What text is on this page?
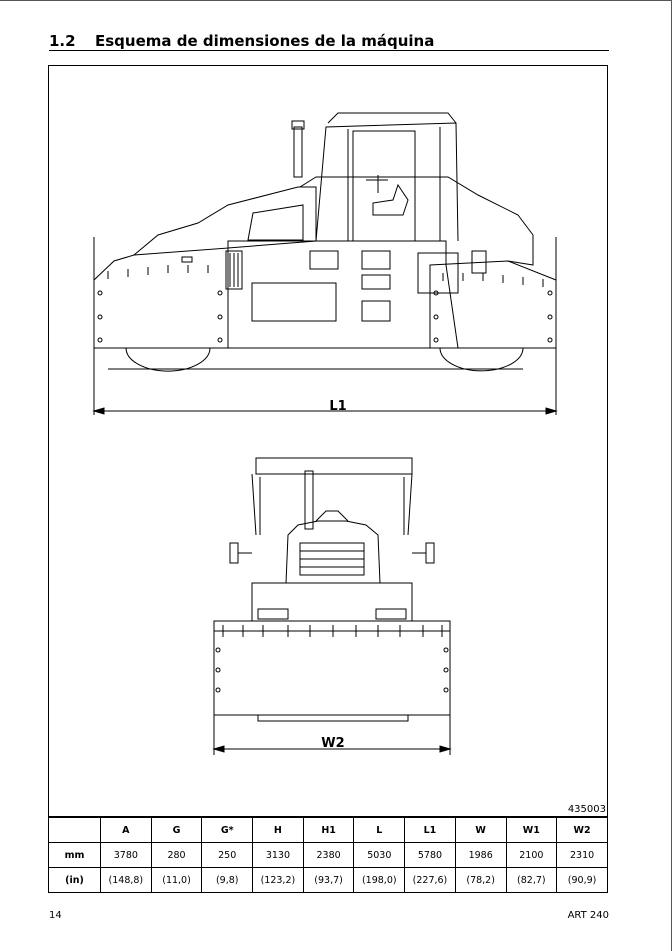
1.2 Esquema de dimensiones de la máquina
L1
W2
435003
	A	G	G*	H	H1	L	L1	W	W1	W2
mm	3780	280	250	3130	2380	5030	5780	1986	2100	2310
(in)	(148,8)	(11,0)	(9,8)	(123,2)	(93,7)	(198,0)	(227,6)	(78,2)	(82,7)	(90,9)
14	ART 240
